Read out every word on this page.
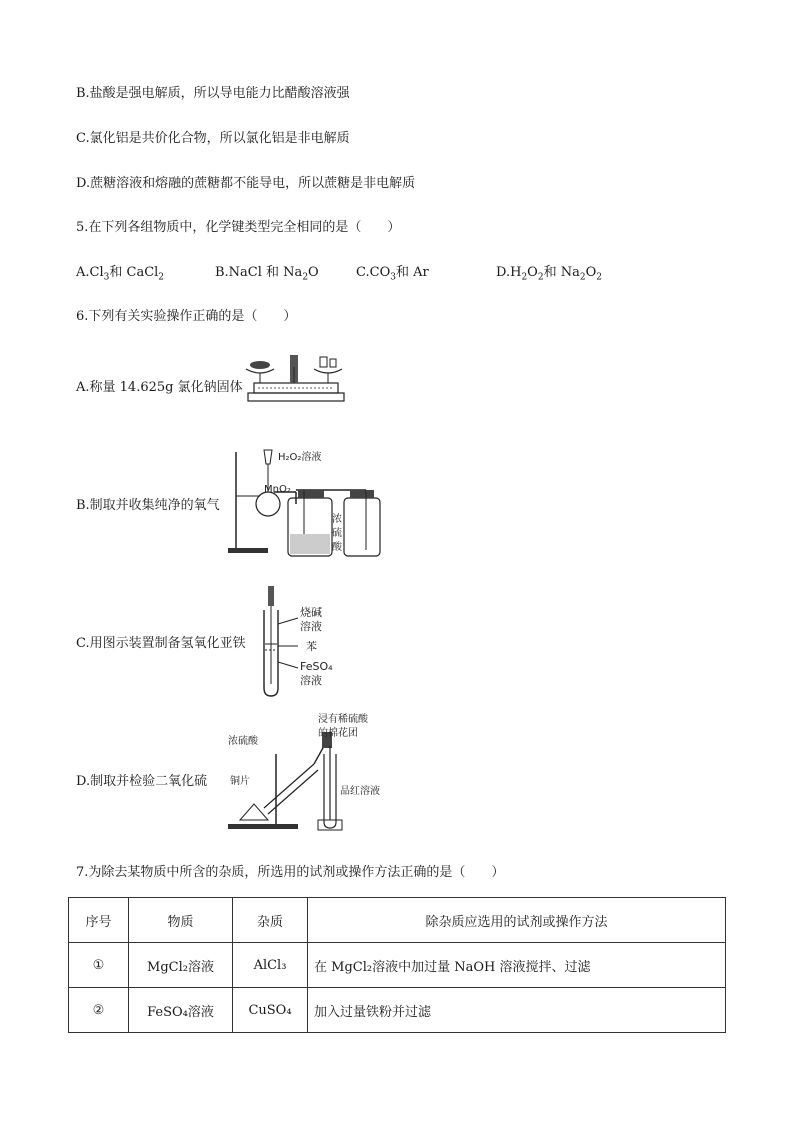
B.盐酸是强电解质，所以导电能力比醋酸溶液强
C.氯化铝是共价化合物，所以氯化铝是非电解质
D.蔗糖溶液和熔融的蔗糖都不能导电，所以蔗糖是非电解质
5.在下列各组物质中，化学键类型完全相同的是（　　）
$A.Cl_3$和 CaCl$_2$	B.NaCl 和 $Na_2O$	$C.CO_3$和 Ar	$D.H_2O_2$和 $Na_2O_2$
6.下列有关实验操作正确的是（　　）
A.称量 14.625g 氯化钠固体
B.制取并收集纯净的氧气
H₂O₂溶液
MnO₂
浓
硫
酸
C.用图示装置制备氢氧化亚铁
烧碱
溶液
苯
FeSO₄
溶液
D.制取并检验二氧化硫
浓硫酸
铜片
浸有稀硫酸
的棉花团
品红溶液
7.为除去某物质中所含的杂质，所选用的试剂或操作方法正确的是（　　）
序号	物质	杂质	除杂质应选用的试剂或操作方法
①	MgCl₂溶液	AlCl₃	在 MgCl₂溶液中加过量 NaOH 溶液搅拌、过滤
②	FeSO₄溶液	CuSO₄	加入过量铁粉并过滤
